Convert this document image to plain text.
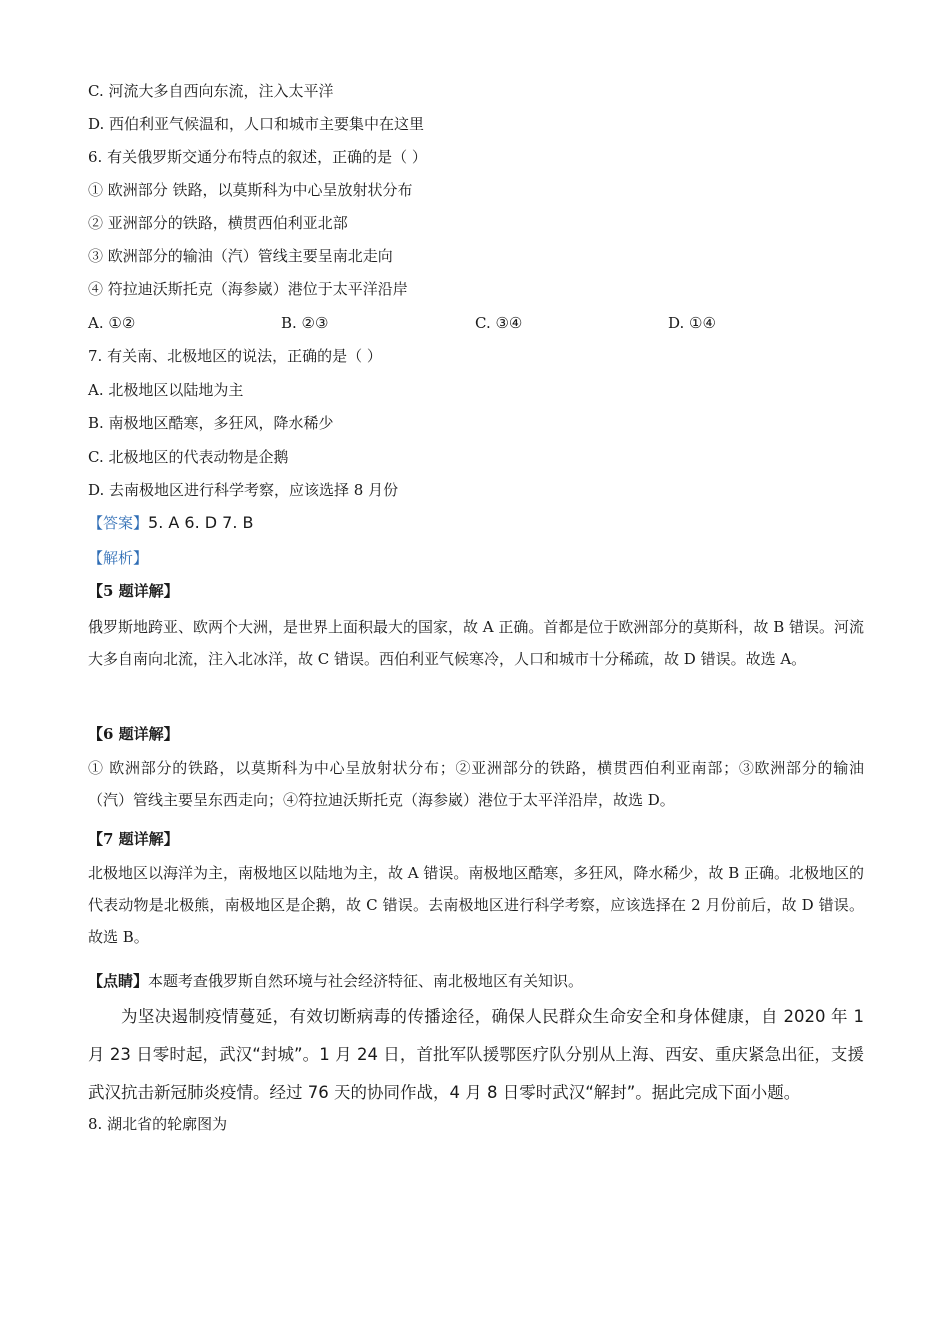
C. 河流大多自西向东流，注入太平洋
D. 西伯利亚气候温和，人口和城市主要集中在这里
6. 有关俄罗斯交通分布特点的叙述，正确的是（ ）
① 欧洲部分 铁路，以莫斯科为中心呈放射状分布
② 亚洲部分的铁路，横贯西伯利亚北部
③ 欧洲部分的输油（汽）管线主要呈南北走向
④ 符拉迪沃斯托克（海参崴）港位于太平洋沿岸
A. ①②	B. ②③	C. ③④	D. ①④
7. 有关南、北极地区的说法，正确的是（ ）
A. 北极地区以陆地为主
B. 南极地区酷寒，多狂风，降水稀少
C. 北极地区的代表动物是企鹅
D. 去南极地区进行科学考察，应该选择 8 月份
【答案】5. A 6. D 7. B
【解析】
【5 题详解】
俄罗斯地跨亚、欧两个大洲，是世界上面积最大的国家，故 A 正确。首都是位于欧洲部分的莫斯科，故 B 错误。河流大多自南向北流，注入北冰洋，故 C 错误。西伯利亚气候寒冷，人口和城市十分稀疏，故 D 错误。故选 A。
【6 题详解】
① 欧洲部分的铁路，以莫斯科为中心呈放射状分布；②亚洲部分的铁路，横贯西伯利亚南部；③欧洲部分的输油（汽）管线主要呈东西走向；④符拉迪沃斯托克（海参崴）港位于太平洋沿岸，故选 D。
【7 题详解】
北极地区以海洋为主，南极地区以陆地为主，故 A 错误。南极地区酷寒，多狂风，降水稀少，故 B 正确。北极地区的代表动物是北极熊，南极地区是企鹅，故 C 错误。去南极地区进行科学考察，应该选择在 2 月份前后，故 D 错误。故选 B。
【点睛】本题考查俄罗斯自然环境与社会经济特征、南北极地区有关知识。
为坚决遏制疫情蔓延，有效切断病毒的传播途径，确保人民群众生命安全和身体健康，自 2020 年 1 月 23 日零时起，武汉“封城”。1 月 24 日，首批军队援鄂医疗队分别从上海、西安、重庆紧急出征，支援武汉抗击新冠肺炎疫情。经过 76 天的协同作战，4 月 8 日零时武汉“解封”。据此完成下面小题。
8. 湖北省的轮廓图为
